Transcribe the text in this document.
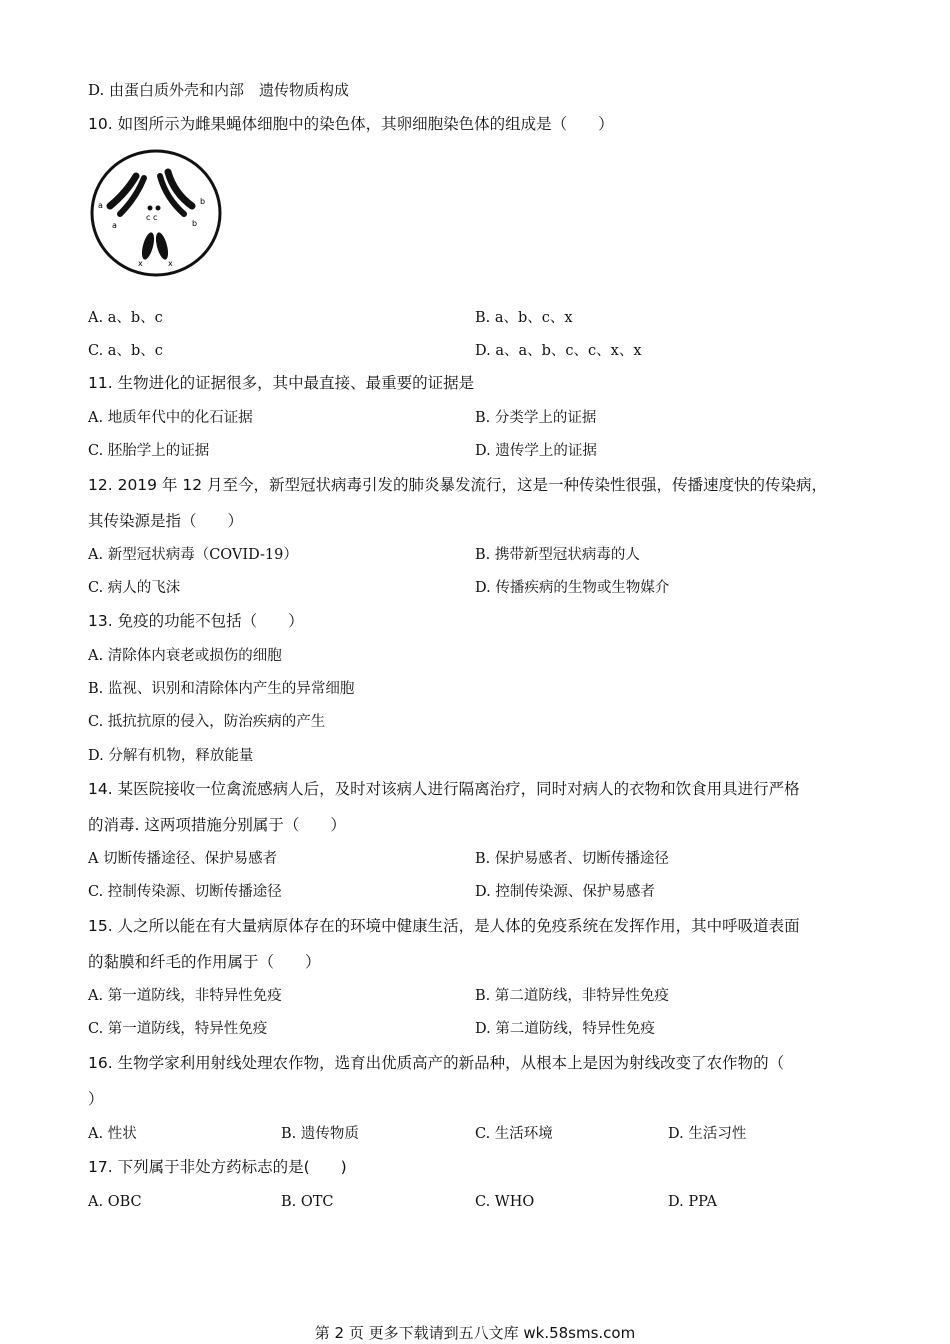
D. 由蛋白质外壳和内部　遗传物质构成
10. 如图所示为雌果蝇体细胞中的染色体，其卵细胞染色体的组成是（　　）
a
a
b
b
c c
x	x
A. a、b、c	B. a、b、c、x
C. a、b、c	D. a、a、b、c、c、x、x
11. 生物进化的证据很多，其中最直接、最重要的证据是
A. 地质年代中的化石证据	B. 分类学上的证据
C. 胚胎学上的证据	D. 遗传学上的证据
12. 2019 年 12 月至今，新型冠状病毒引发的肺炎暴发流行，这是一种传染性很强，传播速度快的传染病，
其传染源是指（　　）
A. 新型冠状病毒（COVID-19）	B. 携带新型冠状病毒的人
C. 病人的飞沫	D. 传播疾病的生物或生物媒介
13. 免疫的功能不包括（　　）
A. 清除体内衰老或损伤的细胞
B. 监视、识别和清除体内产生的异常细胞
C. 抵抗抗原的侵入，防治疾病的产生
D. 分解有机物，释放能量
14. 某医院接收一位禽流感病人后，及时对该病人进行隔离治疗，同时对病人的衣物和饮食用具进行严格
的消毒. 这两项措施分别属于（　　）
A 切断传播途径、保护易感者	B. 保护易感者、切断传播途径
C. 控制传染源、切断传播途径	D. 控制传染源、保护易感者
15. 人之所以能在有大量病原体存在的环境中健康生活，是人体的免疫系统在发挥作用，其中呼吸道表面
的黏膜和纤毛的作用属于（　　）
A. 第一道防线，非特异性免疫	B. 第二道防线，非特异性免疫
C. 第一道防线，特异性免疫	D. 第二道防线，特异性免疫
16. 生物学家利用射线处理农作物，选育出优质高产的新品种，从根本上是因为射线改变了农作物的（
）
A. 性状	B. 遗传物质	C. 生活环境	D. 生活习性
17. 下列属于非处方药标志的是(　　)
A. OBC	B. OTC	C. WHO	D. PPA
第 2 页 更多下载请到五八文库 wk.58sms.com
